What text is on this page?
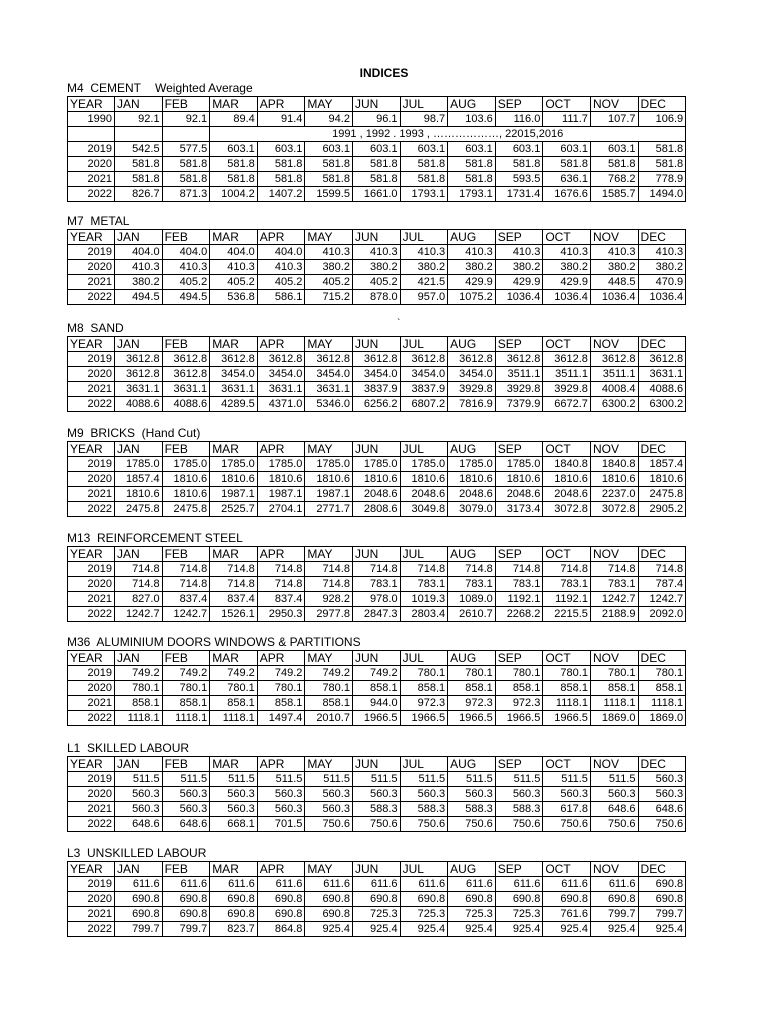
INDICES
M4  CEMENT Weighted Average
YEAR	JAN	FEB	MAR	APR	MAY	JUN	JUL	AUG	SEP	OCT	NOV	DEC
1990	92.1	92.1	89.4	91.4	94.2	96.1	98.7	103.6	116.0	111.7	107.7	106.9
			1991 , 1992 . 1993 , ………………, 22015,2016									
2019	542.5	577.5	603.1	603.1	603.1	603.1	603.1	603.1	603.1	603.1	603.1	581.8
2020	581.8	581.8	581.8	581.8	581.8	581.8	581.8	581.8	581.8	581.8	581.8	581.8
2021	581.8	581.8	581.8	581.8	581.8	581.8	581.8	581.8	593.5	636.1	768.2	778.9
2022	826.7	871.3	1004.2	1407.2	1599.5	1661.0	1793.1	1793.1	1731.4	1676.6	1585.7	1494.0
M7  METAL
YEAR	JAN	FEB	MAR	APR	MAY	JUN	JUL	AUG	SEP	OCT	NOV	DEC
2019	404.0	404.0	404.0	404.0	410.3	410.3	410.3	410.3	410.3	410.3	410.3	410.3
2020	410.3	410.3	410.3	410.3	380.2	380.2	380.2	380.2	380.2	380.2	380.2	380.2
2021	380.2	405.2	405.2	405.2	405.2	405.2	421.5	429.9	429.9	429.9	448.5	470.9
2022	494.5	494.5	536.8	586.1	715.2	878.0	957.0	1075.2	1036.4	1036.4	1036.4	1036.4
M8  SAND	`
YEAR	JAN	FEB	MAR	APR	MAY	JUN	JUL	AUG	SEP	OCT	NOV	DEC
2019	3612.8	3612.8	3612.8	3612.8	3612.8	3612.8	3612.8	3612.8	3612.8	3612.8	3612.8	3612.8
2020	3612.8	3612.8	3454.0	3454.0	3454.0	3454.0	3454.0	3454.0	3511.1	3511.1	3511.1	3631.1
2021	3631.1	3631.1	3631.1	3631.1	3631.1	3837.9	3837.9	3929.8	3929.8	3929.8	4008.4	4088.6
2022	4088.6	4088.6	4289.5	4371.0	5346.0	6256.2	6807.2	7816.9	7379.9	6672.7	6300.2	6300.2
M9  BRICKS  (Hand Cut)
YEAR	JAN	FEB	MAR	APR	MAY	JUN	JUL	AUG	SEP	OCT	NOV	DEC
2019	1785.0	1785.0	1785.0	1785.0	1785.0	1785.0	1785.0	1785.0	1785.0	1840.8	1840.8	1857.4
2020	1857.4	1810.6	1810.6	1810.6	1810.6	1810.6	1810.6	1810.6	1810.6	1810.6	1810.6	1810.6
2021	1810.6	1810.6	1987.1	1987.1	1987.1	2048.6	2048.6	2048.6	2048.6	2048.6	2237.0	2475.8
2022	2475.8	2475.8	2525.7	2704.1	2771.7	2808.6	3049.8	3079.0	3173.4	3072.8	3072.8	2905.2
M13  REINFORCEMENT STEEL
YEAR	JAN	FEB	MAR	APR	MAY	JUN	JUL	AUG	SEP	OCT	NOV	DEC
2019	714.8	714.8	714.8	714.8	714.8	714.8	714.8	714.8	714.8	714.8	714.8	714.8
2020	714.8	714.8	714.8	714.8	714.8	783.1	783.1	783.1	783.1	783.1	783.1	787.4
2021	827.0	837.4	837.4	837.4	928.2	978.0	1019.3	1089.0	1192.1	1192.1	1242.7	1242.7
2022	1242.7	1242.7	1526.1	2950.3	2977.8	2847.3	2803.4	2610.7	2268.2	2215.5	2188.9	2092.0
M36  ALUMINIUM DOORS WINDOWS & PARTITIONS
YEAR	JAN	FEB	MAR	APR	MAY	JUN	JUL	AUG	SEP	OCT	NOV	DEC
2019	749.2	749.2	749.2	749.2	749.2	749.2	780.1	780.1	780.1	780.1	780.1	780.1
2020	780.1	780.1	780.1	780.1	780.1	858.1	858.1	858.1	858.1	858.1	858.1	858.1
2021	858.1	858.1	858.1	858.1	858.1	944.0	972.3	972.3	972.3	1118.1	1118.1	1118.1
2022	1118.1	1118.1	1118.1	1497.4	2010.7	1966.5	1966.5	1966.5	1966.5	1966.5	1869.0	1869.0
L1  SKILLED LABOUR
YEAR	JAN	FEB	MAR	APR	MAY	JUN	JUL	AUG	SEP	OCT	NOV	DEC
2019	511.5	511.5	511.5	511.5	511.5	511.5	511.5	511.5	511.5	511.5	511.5	560.3
2020	560.3	560.3	560.3	560.3	560.3	560.3	560.3	560.3	560.3	560.3	560.3	560.3
2021	560.3	560.3	560.3	560.3	560.3	588.3	588.3	588.3	588.3	617.8	648.6	648.6
2022	648.6	648.6	668.1	701.5	750.6	750.6	750.6	750.6	750.6	750.6	750.6	750.6
L3  UNSKILLED LABOUR
YEAR	JAN	FEB	MAR	APR	MAY	JUN	JUL	AUG	SEP	OCT	NOV	DEC
2019	611.6	611.6	611.6	611.6	611.6	611.6	611.6	611.6	611.6	611.6	611.6	690.8
2020	690.8	690.8	690.8	690.8	690.8	690.8	690.8	690.8	690.8	690.8	690.8	690.8
2021	690.8	690.8	690.8	690.8	690.8	725.3	725.3	725.3	725.3	761.6	799.7	799.7
2022	799.7	799.7	823.7	864.8	925.4	925.4	925.4	925.4	925.4	925.4	925.4	925.4
